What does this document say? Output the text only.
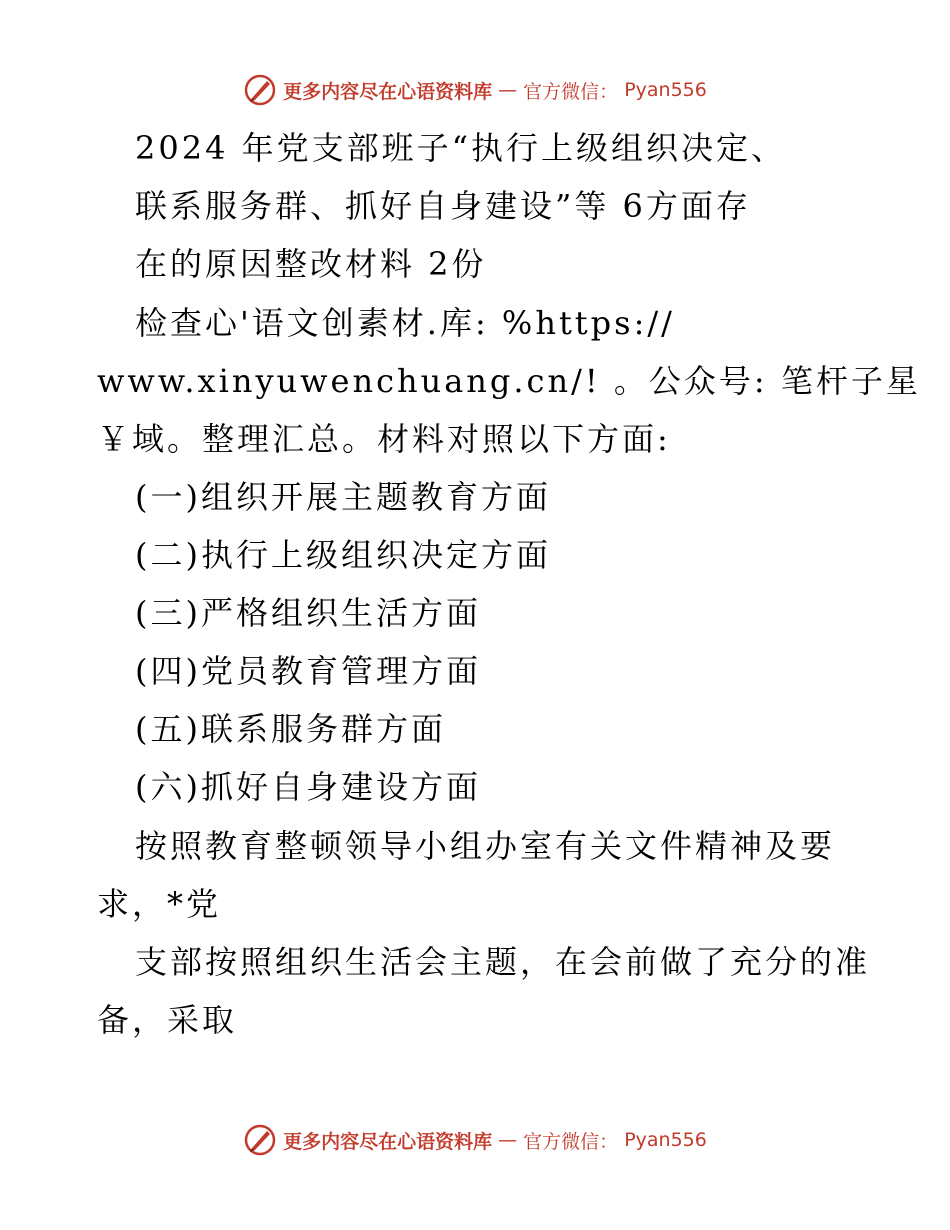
更多内容尽在心语资料库 — 官方微信： Pyan556
2024 年党支部班子“执行上级组织决定、
联系服务群、抓好自身建设”等 6方面存
在的原因整改材料 2份
检查心'语文创素材.库: %https://
www.xinyuwenchuang.cn/! 。公众号: 笔杆子星
￥域。整理汇总。材料对照以下方面:
(一)组织开展主题教育方面
(二)执行上级组织决定方面
(三)严格组织生活方面
(四)党员教育管理方面
(五)联系服务群方面
(六)抓好自身建设方面
按照教育整顿领导小组办室有关文件精神及要
求，*党
支部按照组织生活会主题，在会前做了充分的准
备，采取
更多内容尽在心语资料库 — 官方微信： Pyan556
